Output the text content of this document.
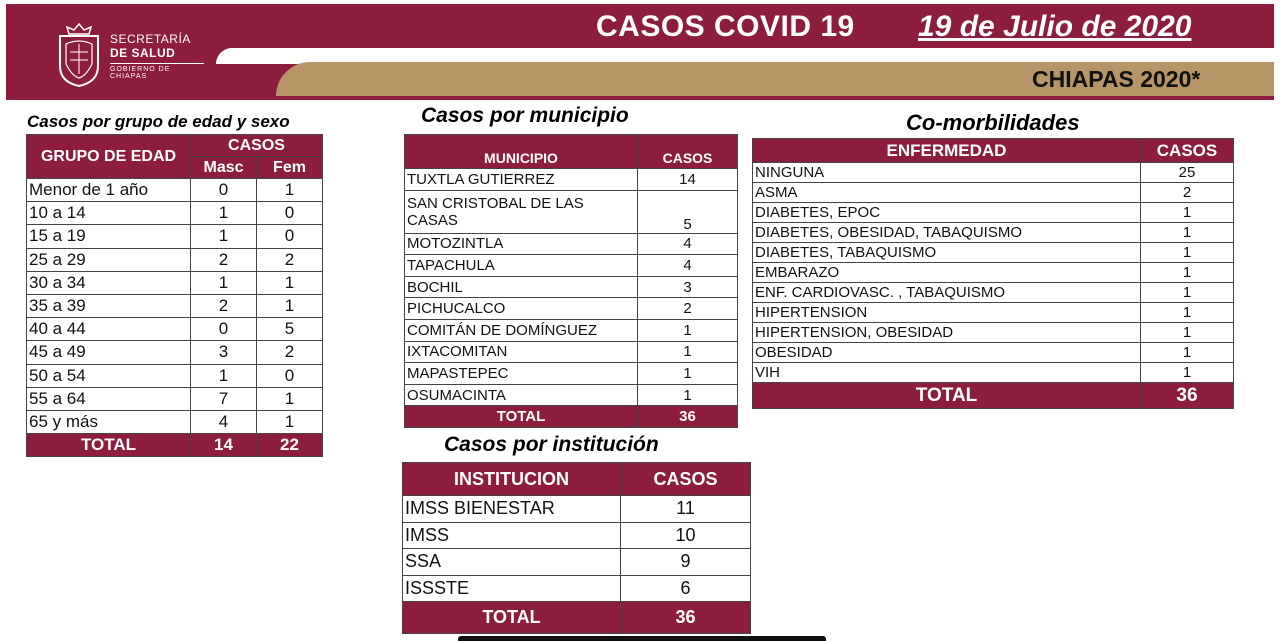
SECRETARÍA
DE SALUD
GOBIERNO DE CHIAPAS
CASOS COVID 19 19 de Julio de 2020
CHIAPAS 2020*
Casos por grupo de edad y sexo	Casos por municipio	Co-morbilidades
Casos por institución
GRUPO DE EDAD	CASOS	
	Masc	Fem
Menor de 1 año	0	1
10 a 14	1	0
15 a 19	1	0
25 a 29	2	2
30 a 34	1	1
35 a 39	2	1
40 a 44	0	5
45 a 49	3	2
50 a 54	1	0
55 a 64	7	1
65 y más	4	1
TOTAL	14	22
MUNICIPIO	CASOS
TUXTLA GUTIERREZ	14
SAN CRISTOBAL DE LAS CASAS	5
MOTOZINTLA	4
TAPACHULA	4
BOCHIL	3
PICHUCALCO	2
COMITÁN DE DOMÍNGUEZ	1
IXTACOMITAN	1
MAPASTEPEC	1
OSUMACINTA	1
TOTAL	36
ENFERMEDAD	CASOS
NINGUNA	25
ASMA	2
DIABETES, EPOC	1
DIABETES, OBESIDAD, TABAQUISMO	1
DIABETES, TABAQUISMO	1
EMBARAZO	1
ENF. CARDIOVASC. , TABAQUISMO	1
HIPERTENSION	1
HIPERTENSION, OBESIDAD	1
OBESIDAD	1
VIH	1
TOTAL	36
INSTITUCION	CASOS
IMSS BIENESTAR	11
IMSS	10
SSA	9
ISSSTE	6
TOTAL	36
